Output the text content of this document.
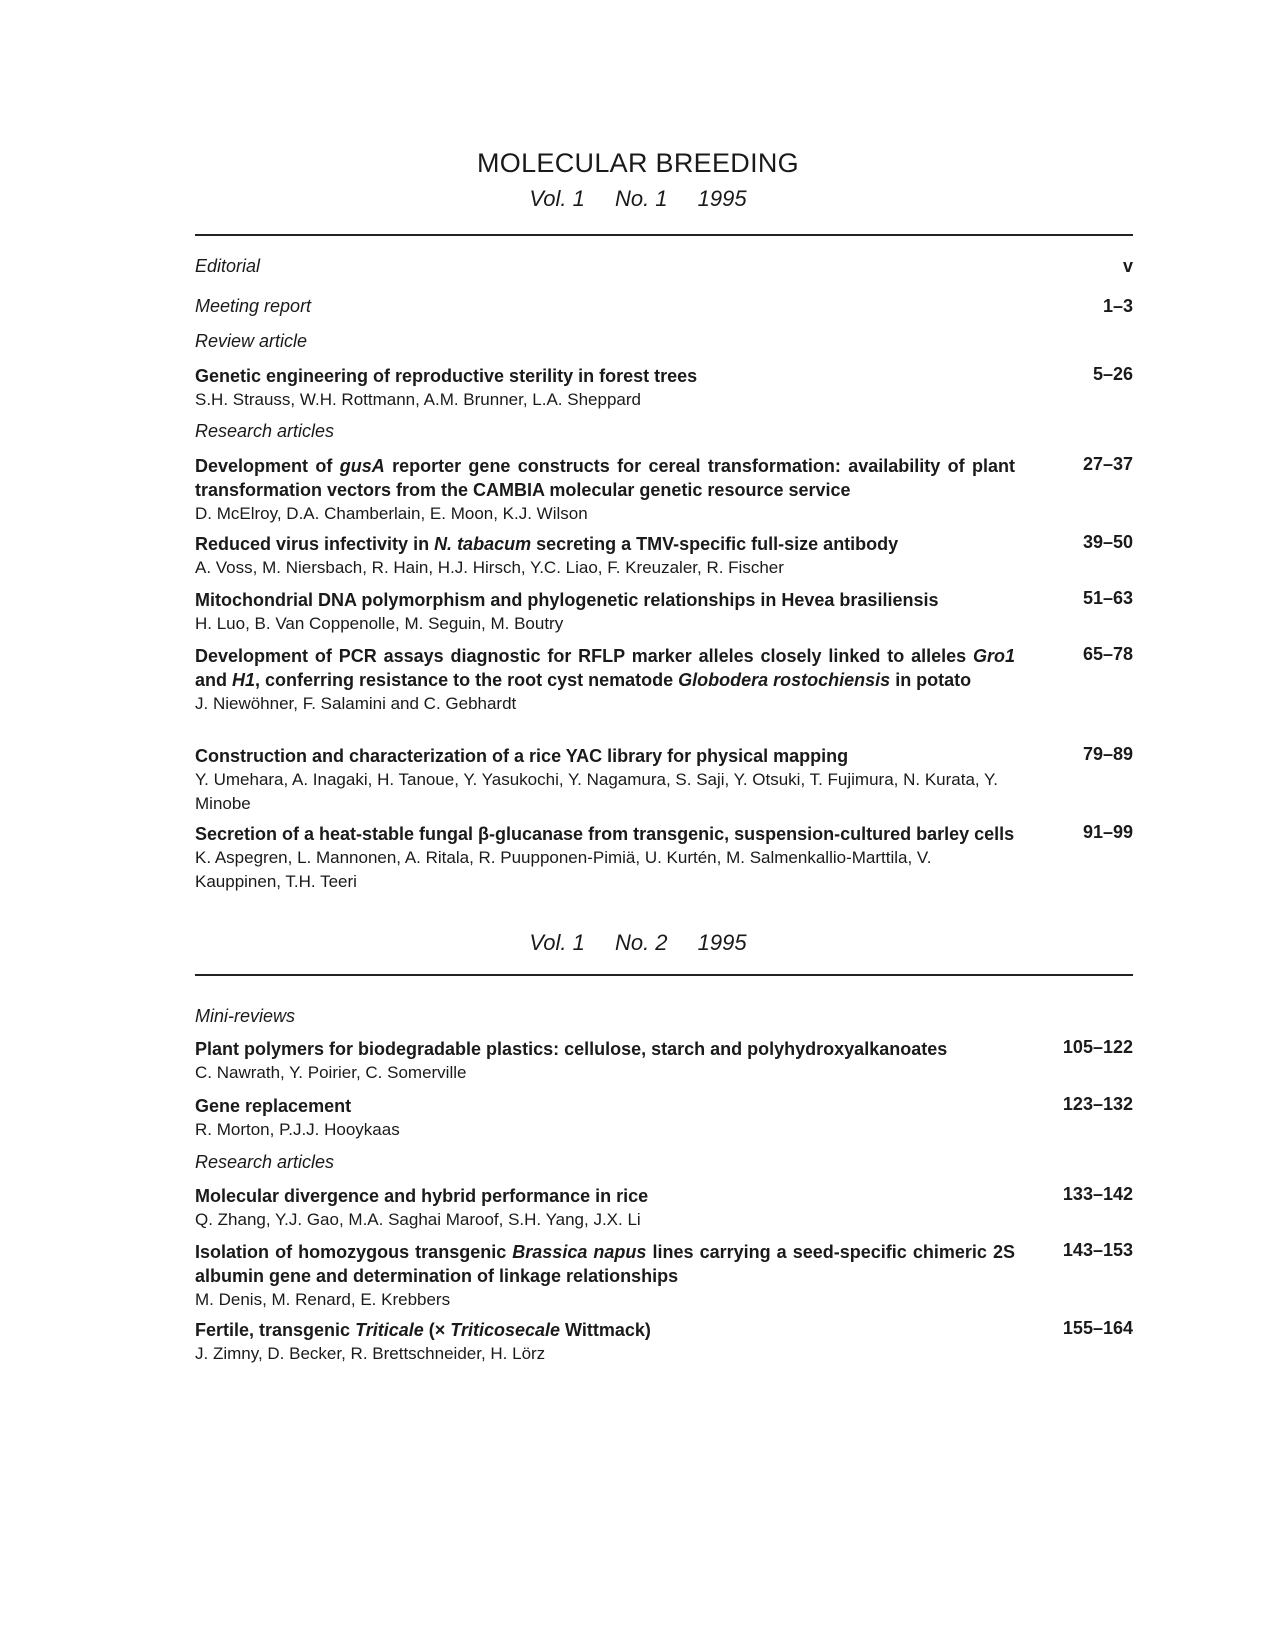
MOLECULAR BREEDING
Vol. 1 No. 1 1995
Editorial	v
Meeting report	1–3
Review article
Genetic engineering of reproductive sterility in forest trees
S.H. Strauss, W.H. Rottmann, A.M. Brunner, L.A. Sheppard
5–26
Research articles
Development of gusA reporter gene constructs for cereal transformation: availability of plant transformation vectors from the CAMBIA molecular genetic resource service
D. McElroy, D.A. Chamberlain, E. Moon, K.J. Wilson
27–37
Reduced virus infectivity in N. tabacum secreting a TMV-specific full-size antibody
A. Voss, M. Niersbach, R. Hain, H.J. Hirsch, Y.C. Liao, F. Kreuzaler, R. Fischer
39–50
Mitochondrial DNA polymorphism and phylogenetic relationships in Hevea brasiliensis
H. Luo, B. Van Coppenolle, M. Seguin, M. Boutry
51–63
Development of PCR assays diagnostic for RFLP marker alleles closely linked to alleles Gro1 and H1, conferring resistance to the root cyst nematode Globodera rostochiensis in potato
J. Niewöhner, F. Salamini and C. Gebhardt
65–78
Construction and characterization of a rice YAC library for physical mapping
Y. Umehara, A. Inagaki, H. Tanoue, Y. Yasukochi, Y. Nagamura, S. Saji, Y. Otsuki, T. Fujimura, N. Kurata, Y. Minobe
79–89
Secretion of a heat-stable fungal β-glucanase from transgenic, suspension-cultured barley cells
K. Aspegren, L. Mannonen, A. Ritala, R. Puupponen-Pimiä, U. Kurtén, M. Salmenkallio-Marttila, V. Kauppinen, T.H. Teeri
91–99
Vol. 1 No. 2 1995
Mini-reviews
Plant polymers for biodegradable plastics: cellulose, starch and polyhydroxyalkanoates
C. Nawrath, Y. Poirier, C. Somerville
105–122
Gene replacement
R. Morton, P.J.J. Hooykaas
123–132
Research articles
Molecular divergence and hybrid performance in rice
Q. Zhang, Y.J. Gao, M.A. Saghai Maroof, S.H. Yang, J.X. Li
133–142
Isolation of homozygous transgenic Brassica napus lines carrying a seed-specific chimeric 2S albumin gene and determination of linkage relationships
M. Denis, M. Renard, E. Krebbers
143–153
Fertile, transgenic Triticale (× Triticosecale Wittmack)
J. Zimny, D. Becker, R. Brettschneider, H. Lörz
155–164
